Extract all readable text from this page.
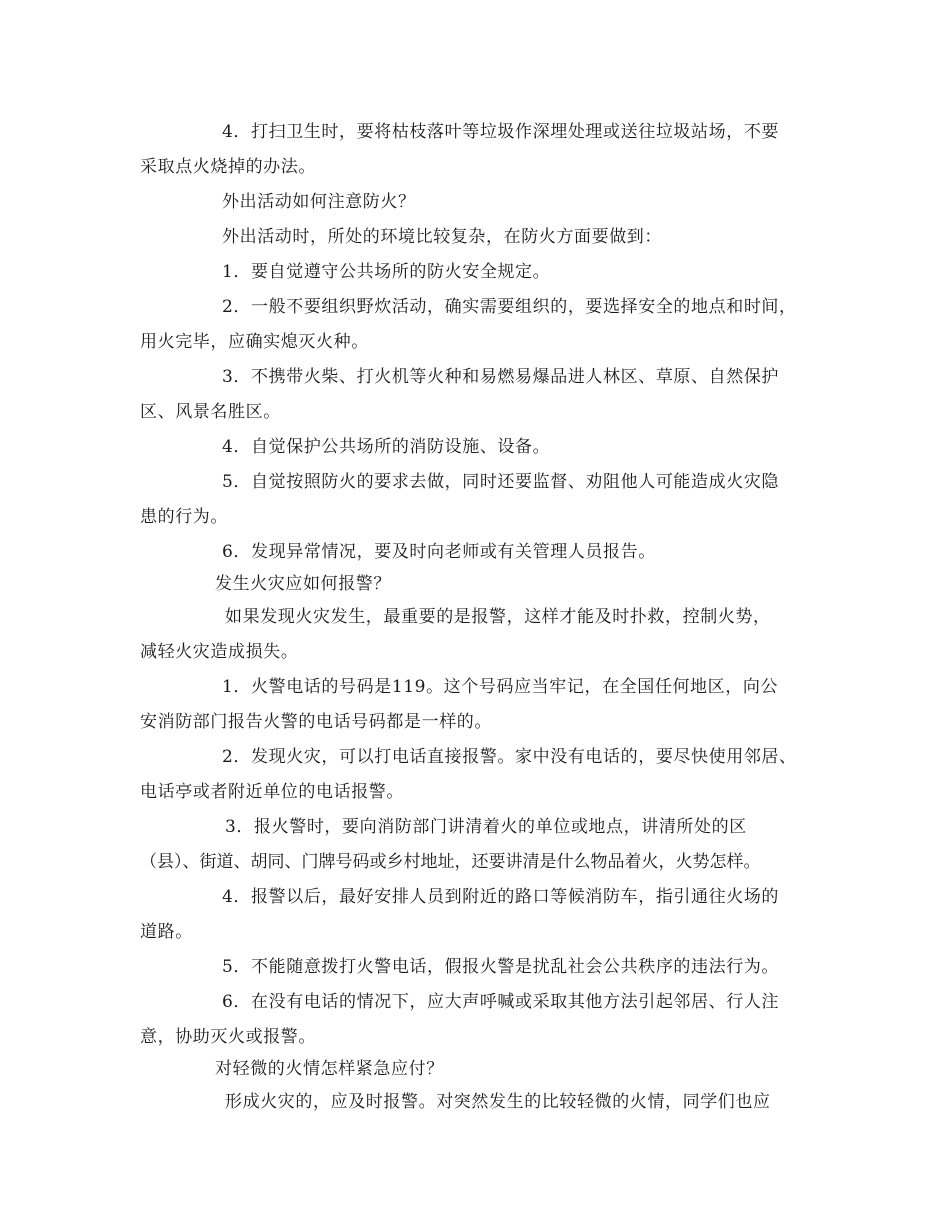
4．打扫卫生时，要将枯枝落叶等垃圾作深埋处理或送往垃圾站场，不要
采取点火烧掉的办法。
外出活动如何注意防火？
外出活动时，所处的环境比较复杂，在防火方面要做到：
1．要自觉遵守公共场所的防火安全规定。
2．一般不要组织野炊活动，确实需要组织的，要选择安全的地点和时间，
用火完毕，应确实熄灭火种。
3．不携带火柴、打火机等火种和易燃易爆品进人林区、草原、自然保护
区、风景名胜区。
4．自觉保护公共场所的消防设施、设备。
5．自觉按照防火的要求去做，同时还要监督、劝阻他人可能造成火灾隐
患的行为。
6．发现异常情况，要及时向老师或有关管理人员报告。
发生火灾应如何报警？
如果发现火灾发生，最重要的是报警，这样才能及时扑救，控制火势，
减轻火灾造成损失。
1．火警电话的号码是119。这个号码应当牢记，在全国任何地区，向公
安消防部门报告火警的电话号码都是一样的。
2．发现火灾，可以打电话直接报警。家中没有电话的，要尽快使用邻居、
电话亭或者附近单位的电话报警。
3．报火警时，要向消防部门讲清着火的单位或地点，讲清所处的区
（县）、街道、胡同、门牌号码或乡村地址，还要讲清是什么物品着火，火势怎样。
4．报警以后，最好安排人员到附近的路口等候消防车，指引通往火场的
道路。
5．不能随意拨打火警电话，假报火警是扰乱社会公共秩序的违法行为。
6．在没有电话的情况下，应大声呼喊或采取其他方法引起邻居、行人注
意，协助灭火或报警。
对轻微的火情怎样紧急应付？
形成火灾的，应及时报警。对突然发生的比较轻微的火情，同学们也应
